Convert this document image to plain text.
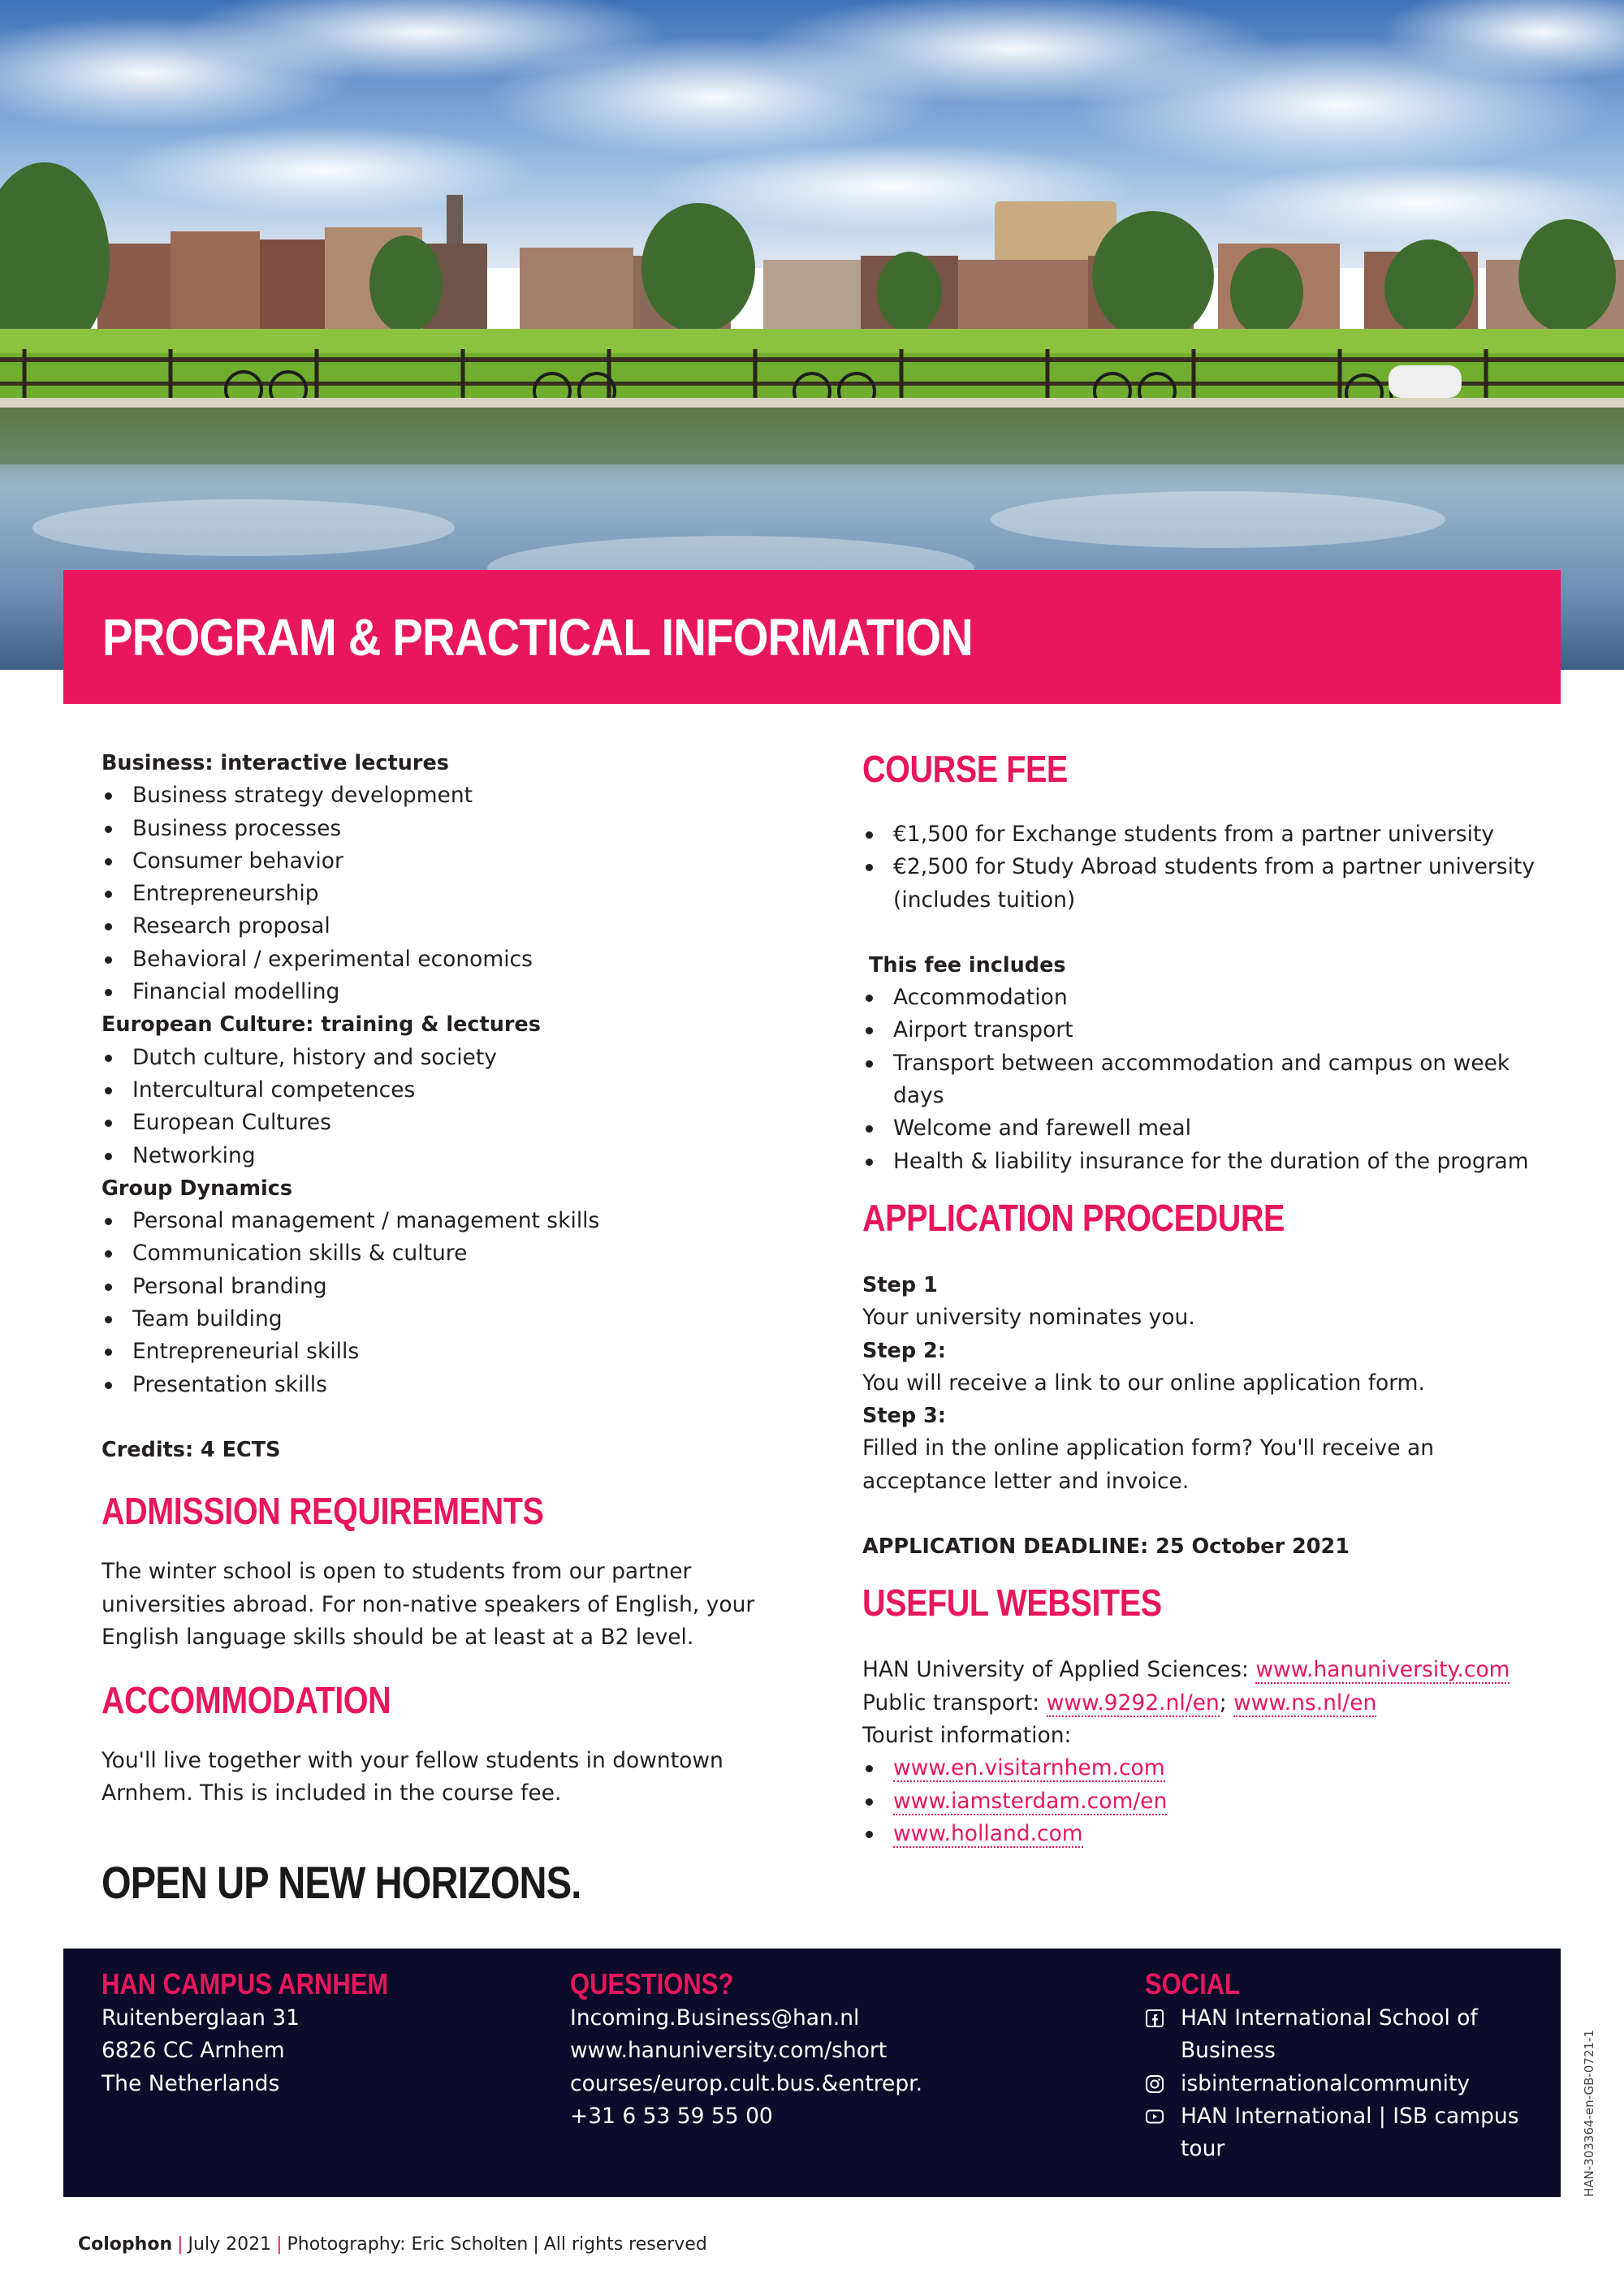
PROGRAM & PRACTICAL INFORMATION
Business: interactive lectures
Business strategy development
Business processes
Consumer behavior
Entrepreneurship
Research proposal
Behavioral / experimental economics
Financial modelling
European Culture: training & lectures
Dutch culture, history and society
Intercultural competences
European Cultures
Networking
Group Dynamics
Personal management / management skills
Communication skills & culture
Personal branding
Team building
Entrepreneurial skills
Presentation skills
Credits: 4 ECTS
ADMISSION REQUIREMENTS

The winter school is open to students from our partner universities abroad. For non-native speakers of English, your English language skills should be at least at a B2 level.

ACCOMMODATION

You'll live together with your fellow students in downtown Arnhem. This is included in the course fee.

OPEN UP NEW HORIZONS.
COURSE FEE
€1,500 for Exchange students from a partner university
€2,500 for Study Abroad students from a partner university (includes tuition)
This fee includes
Accommodation
Airport transport
Transport between accommodation and campus on week days
Welcome and farewell meal
Health & liability insurance for the duration of the program
APPLICATION PROCEDURE
Step 1

Your university nominates you.

Step 2:

You will receive a link to our online application form.

Step 3:

Filled in the online application form? You'll receive an acceptance letter and invoice.

APPLICATION DEADLINE: 25 October 2021
USEFUL WEBSITES

HAN University of Applied Sciences: www.hanuniversity.com

Public transport: www.9292.nl/en; www.ns.nl/en

Tourist information:

www.en.visitarnhem.com
www.iamsterdam.com/en
www.holland.com
HAN CAMPUS ARNHEM
Ruitenberglaan 31
6826 CC Arnhem
The Netherlands
QUESTIONS?
Incoming.Business@han.nl
www.hanuniversity.com/short
courses/europ.cult.bus.&entrepr.
+31 6 53 59 55 00
SOCIAL
HAN International School of Business
isbinternationalcommunity
HAN International | ISB campus tour	HAN-303364-en-GB-0721-1
Colophon | July 2021 | Photography: Eric Scholten | All rights reserved
